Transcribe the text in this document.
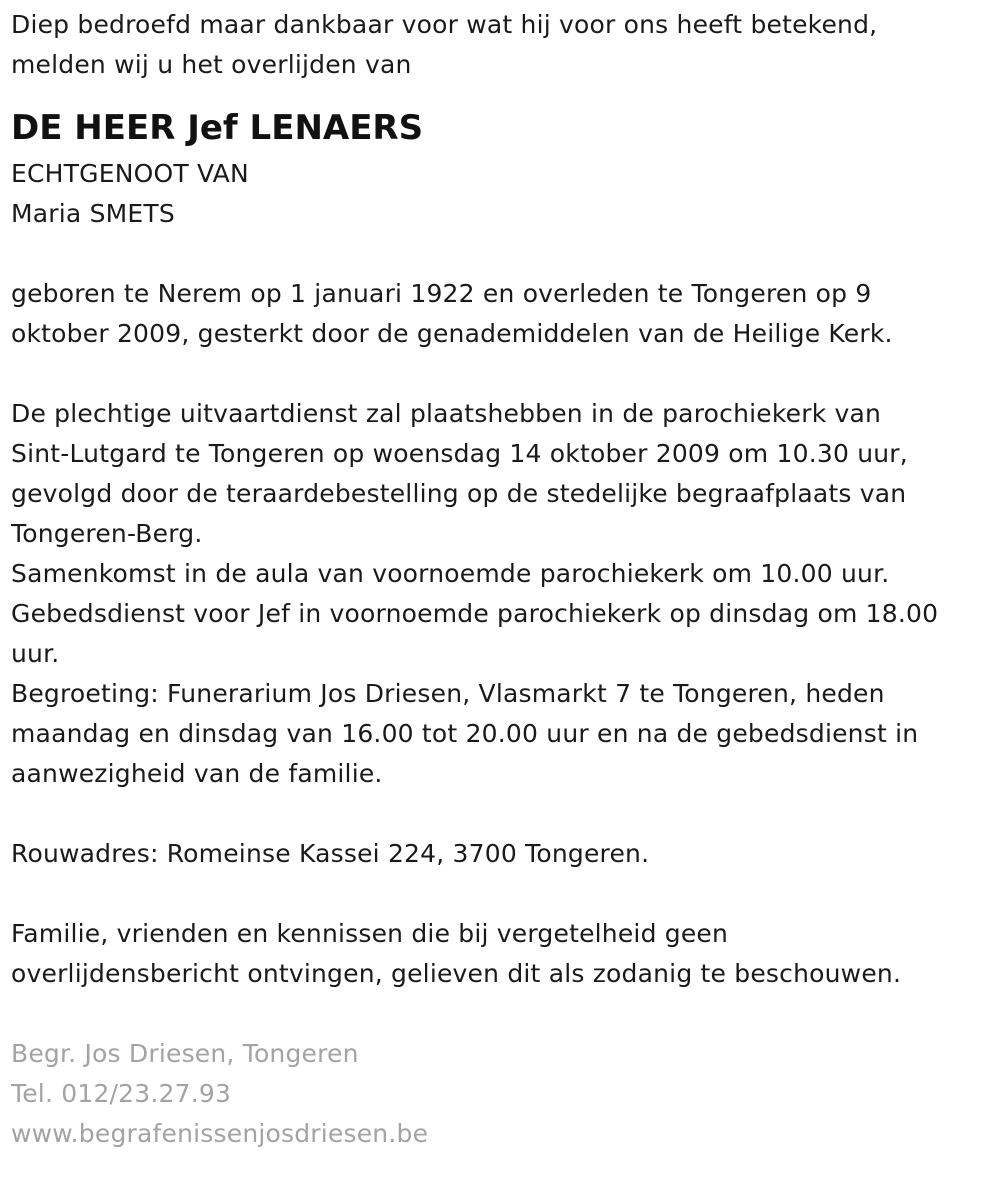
Diep bedroefd maar dankbaar voor wat hij voor ons heeft betekend,
melden wij u het overlijden van
DE HEER Jef LENAERS
ECHTGENOOT VAN
Maria SMETS
geboren te Nerem op 1 januari 1922 en overleden te Tongeren op 9
oktober 2009, gesterkt door de genademiddelen van de Heilige Kerk.
De plechtige uitvaartdienst zal plaatshebben in de parochiekerk van
Sint-Lutgard te Tongeren op woensdag 14 oktober 2009 om 10.30 uur,
gevolgd door de teraardebestelling op de stedelijke begraafplaats van
Tongeren-Berg.
Samenkomst in de aula van voornoemde parochiekerk om 10.00 uur.
Gebedsdienst voor Jef in voornoemde parochiekerk op dinsdag om 18.00
uur.
Begroeting: Funerarium Jos Driesen, Vlasmarkt 7 te Tongeren, heden
maandag en dinsdag van 16.00 tot 20.00 uur en na de gebedsdienst in
aanwezigheid van de familie.
Rouwadres: Romeinse Kassei 224, 3700 Tongeren.
Familie, vrienden en kennissen die bij vergetelheid geen
overlijdensbericht ontvingen, gelieven dit als zodanig te beschouwen.
Begr. Jos Driesen, Tongeren
Tel. 012/23.27.93
www.begrafenissenjosdriesen.be
